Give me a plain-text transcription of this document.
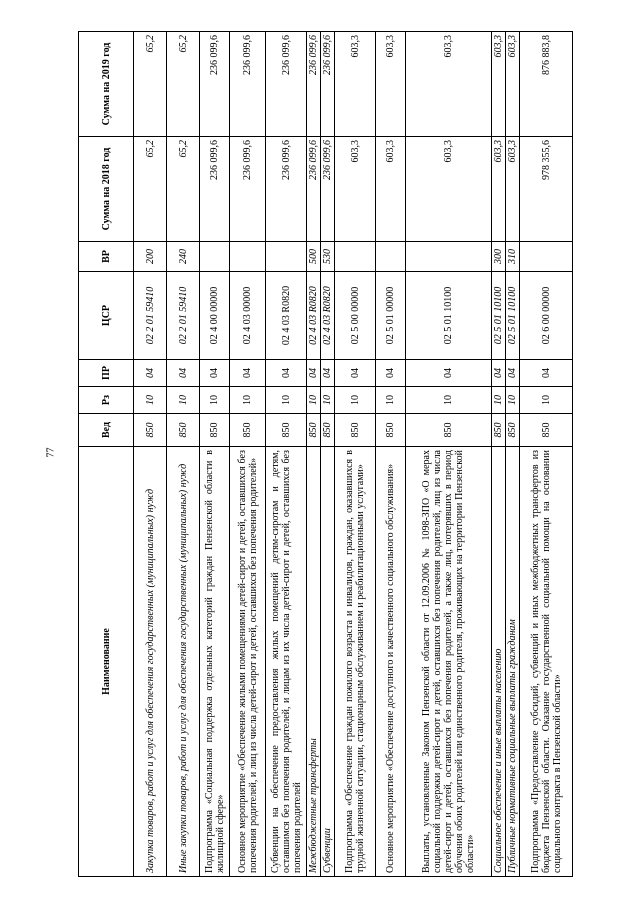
77
Наименование	Вед	Рз	ПР	ЦСР	ВР	Сумма на 2018 год	Сумма на 2019 год
Закупка товаров, работ и услуг для обеспечения государственных (муниципальных) нужд	850	10	04	02 2 01 59410	200	65,2	65,2
Иные закупки товаров, работ и услуг для обеспечения государственных (муниципальных) нужд	850	10	04	02 2 01 59410	240	65,2	65,2
Подпрограмма «Социальная поддержка отдельных категорий граждан Пензенской области в жилищной сфере»	850	10	04	02 4 00 00000		236 099,6	236 099,6
Основное мероприятие «Обеспечение жилыми помещениями детей-сирот и детей, оставшихся без попечения родителей, и лиц из числа детей-сирот и детей, оставшихся без попечения родителей»	850	10	04	02 4 03 00000		236 099,6	236 099,6
Субвенции на обеспечение предоставления жилых помещений детям-сиротам и детям, оставшимся без попечения родителей, и лицам из их числа детей-сирот и детей, оставшихся без попечения родителей	850	10	04	02 4 03 R0820		236 099,6	236 099,6
Межбюджетные трансферты	850	10	04	02 4 03 R0820	500	236 099,6	236 099,6
Субвенции	850	10	04	02 4 03 R0820	530	236 099,6	236 099,6
Подпрограмма «Обеспечение граждан пожилого возраста и инвалидов, граждан, оказавшихся в трудной жизненной ситуации, стационарным обслуживанием и реабилитационными услугами»	850	10	04	02 5 00 00000		603,3	603,3
Основное мероприятие «Обеспечение доступного и качественного социального обслуживания»	850	10	04	02 5 01 00000		603,3	603,3
Выплаты, установленные Законом Пензенской области от 12.09.2006 № 1098-ЗПО «О мерах социальной поддержки детей-сирот и детей, оставшихся без попечения родителей, лиц из числа детей-сирот и детей, оставшихся без попечения родителей, а также лиц, потерявших в период обучения обоих родителей или единственного родителя, проживающих на территории Пензенской области»	850	10	04	02 5 01 10100		603,3	603,3
Социальное обеспечение и иные выплаты населению	850	10	04	02 5 01 10100	300	603,3	603,3
Публичные нормативные социальные выплаты гражданам	850	10	04	02 5 01 10100	310	603,3	603,3
Подпрограмма «Предоставление субсидий, субвенций и иных межбюджетных трансфертов из бюджета Пензенской области. Оказание государственной социальной помощи на основании социального контракта в Пензенской области»	850	10	04	02 6 00 00000		978 355,6	876 883,8
